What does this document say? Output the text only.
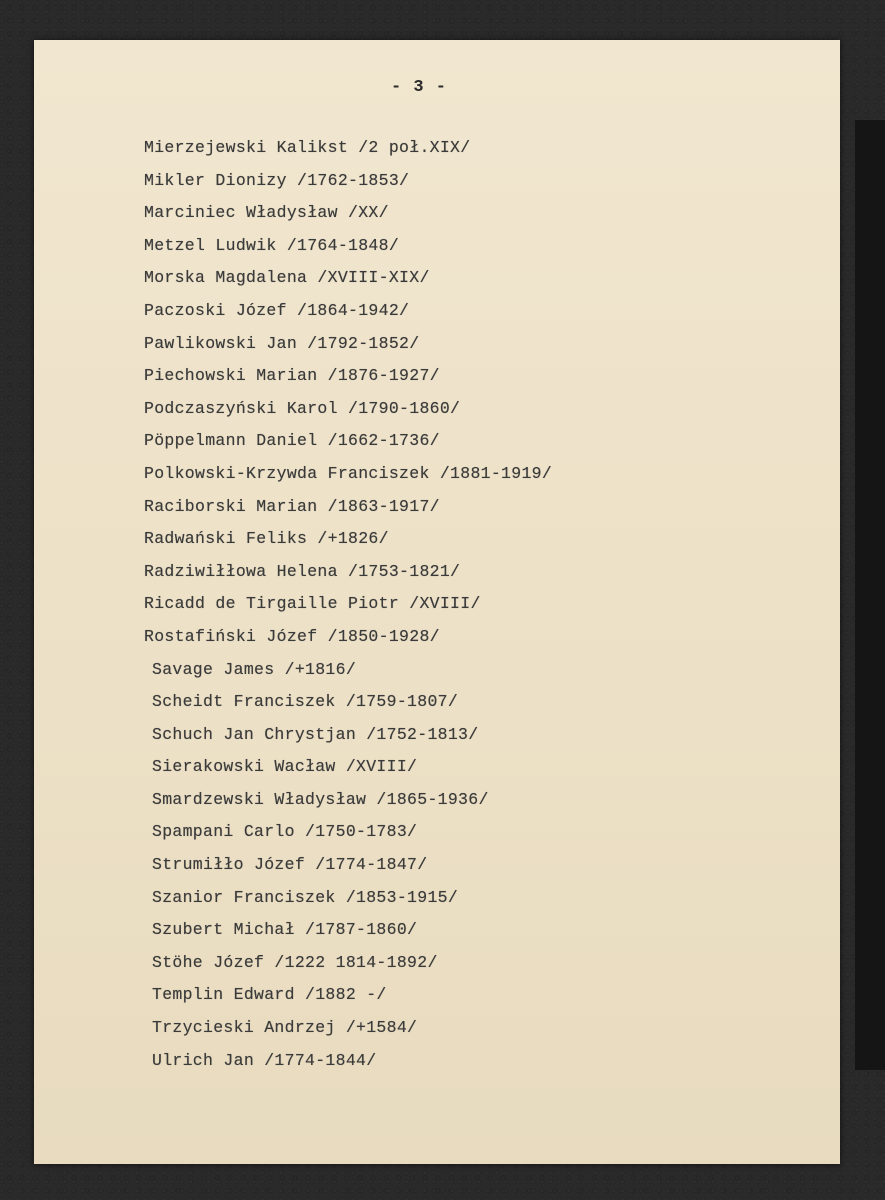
- 3 -
Mierzejewski Kalikst /2 poł.XIX/
Mikler Dionizy /1762-1853/
Marciniec Władysław /XX/
Metzel Ludwik /1764-1848/
Morska Magdalena /XVIII-XIX/
Paczoski Józef /1864-1942/
Pawlikowski Jan /1792-1852/
Piechowski Marian /1876-1927/
Podczaszyński Karol /1790-1860/
Pöppelmann Daniel /1662-1736/
Polkowski-Krzywda Franciszek /1881-1919/
Raciborski Marian /1863-1917/
Radwański Feliks /+1826/
Radziwiłłowa Helena /1753-1821/
Ricadd de Tirgaille Piotr /XVIII/
Rostafiński Józef /1850-1928/
Savage James /+1816/
Scheidt Franciszek /1759-1807/
Schuch Jan Chrystjan /1752-1813/
Sierakowski Wacław /XVIII/
Smardzewski Władysław /1865-1936/
Spampani Carlo /1750-1783/
Strumiłło Józef /1774-1847/
Szanior Franciszek /1853-1915/
Szubert Michał /1787-1860/
Stöhe Józef /1222 1814-1892/
Templin Edward /1882 -/
Trzycieski Andrzej /+1584/
Ulrich Jan /1774-1844/
